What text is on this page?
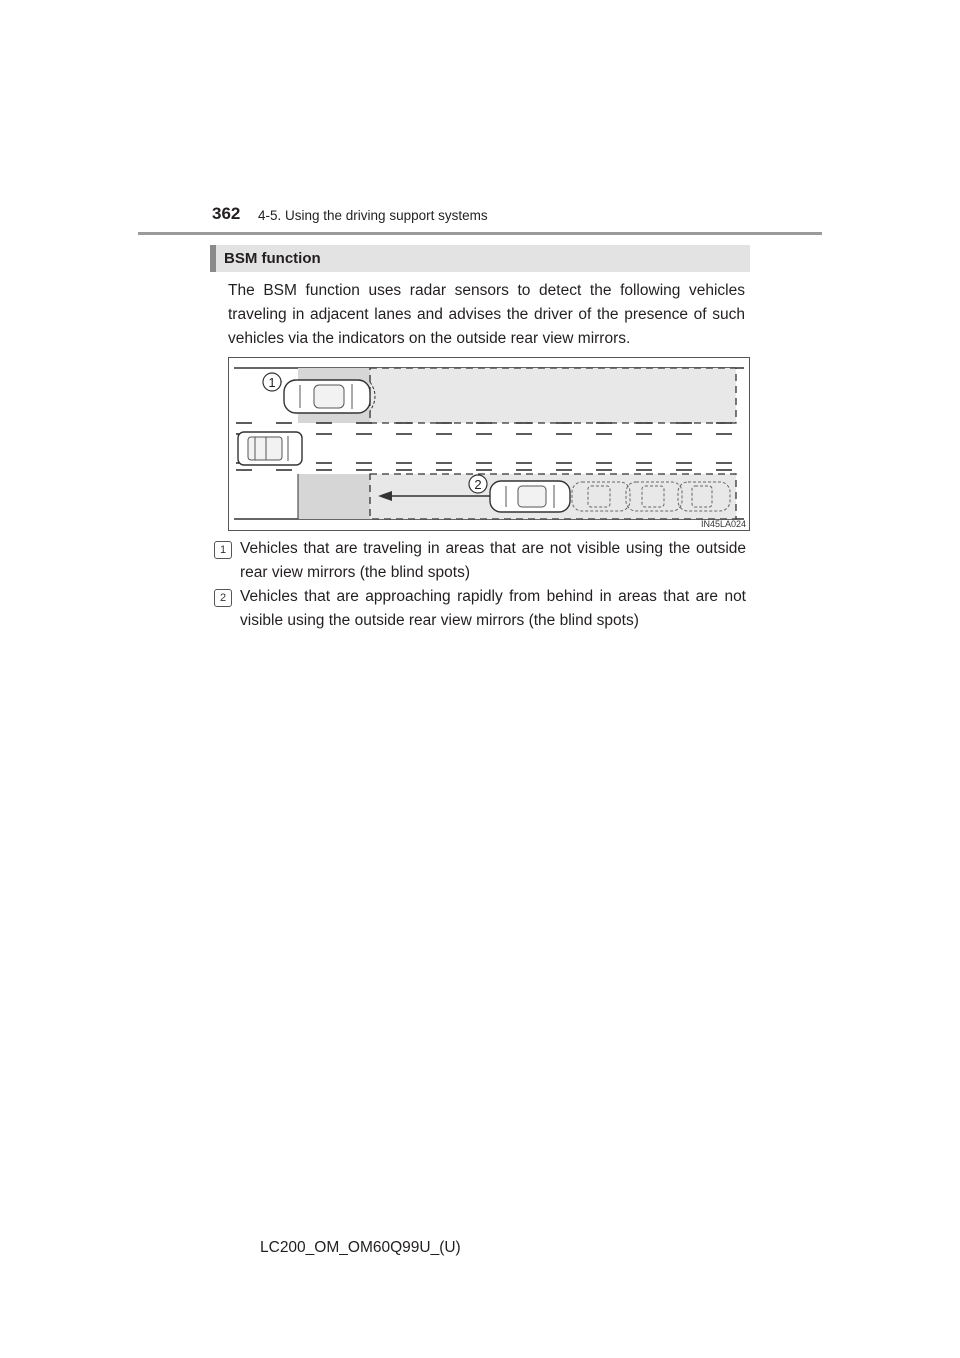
362 4-5. Using the driving support systems
BSM function
The BSM function uses radar sensors to detect the following vehicles traveling in adjacent lanes and advises the driver of the presence of such vehicles via the indicators on the outside rear view mirrors.
1
2
IN45LA024
1 Vehicles that are traveling in areas that are not visible using the outside rear view mirrors (the blind spots)
2 Vehicles that are approaching rapidly from behind in areas that are not visible using the outside rear view mirrors (the blind spots)
LC200_OM_OM60Q99U_(U)
